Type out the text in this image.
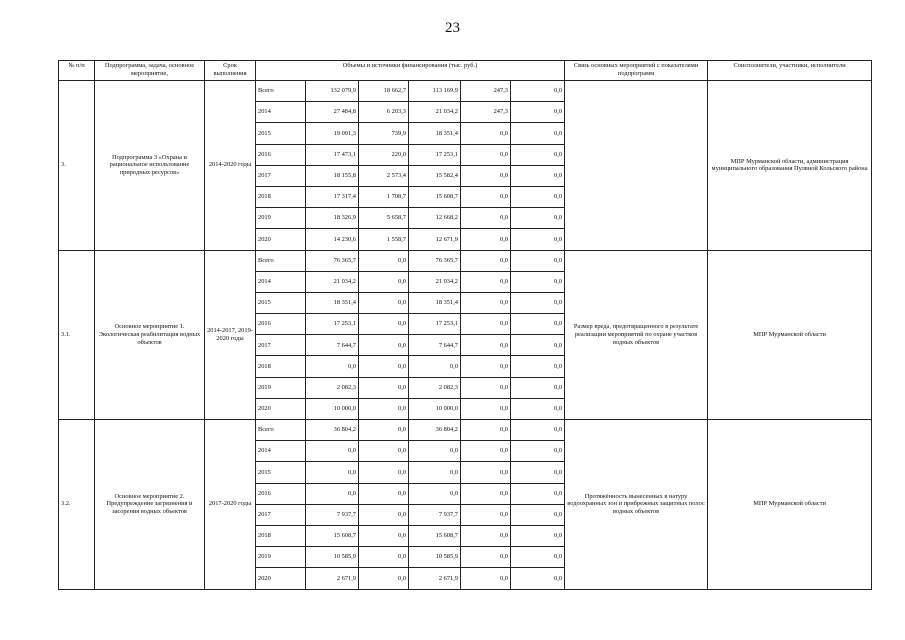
23
№ п/п	Подпрограмма, задача, основное мероприятие,	Срок выполнения	Объемы и источники финансирования (тыс. руб.)						Связь основных мероприятий с показателями подпрограмм	Соисполнители, участники, исполнители
3.	Подпрограмма 3 «Охрана и рациональное использование природных ресурсов»	2014-2020 годы	Всего	132 079,9	18 662,7	113 169,9	247,3	0,0		МПР Мурманской области, администрация муниципального образования Пулвной Кольского района
			2014	27 484,8	6 203,3	21 034,2	247,3	0,0		
			2015	19 091,3	739,9	18 351,4	0,0	0,0		
			2016	17 473,1	220,0	17 253,1	0,0	0,0		
			2017	18 155,8	2 573,4	15 582,4	0,0	0,0		
			2018	17 317,4	1 708,7	15 608,7	0,0	0,0		
			2019	18 326,9	5 658,7	12 668,2	0,0	0,0		
			2020	14 230,6	1 558,7	12 671,9	0,0	0,0		
3.1.	Основное мероприятие 1. Экологическая реабилитация водных объектов	2014-2017, 2019-2020 годы	Всего	76 365,7	0,0	76 365,7	0,0	0,0	Размер вреда, предотвращенного в результате реализации мероприятий по охране участков водных объектов	МПР Мурманской области
			2014	21 034,2	0,0	21 034,2	0,0	0,0		
			2015	18 351,4	0,0	18 351,4	0,0	0,0		
			2016	17 253,1	0,0	17 253,1	0,0	0,0		
			2017	7 644,7	0,0	7 644,7	0,0	0,0		
			2018	0,0	0,0	0,0	0,0	0,0		
			2019	2 082,3	0,0	2 082,3	0,0	0,0		
			2020	10 000,0	0,0	10 000,0	0,0	0,0		
3.2.	Основное мероприятие 2. Предупреждение загрязнения и засорения водных объектов	2017-2020 годы	Всего	36 804,2	0,0	36 804,2	0,0	0,0	Протяжённость вынесенных в натуру водоохранных зон и прибрежных защитных полос водных объектов	МПР Мурманской области
			2014	0,0	0,0	0,0	0,0	0,0		
			2015	0,0	0,0	0,0	0,0	0,0		
			2016	0,0	0,0	0,0	0,0	0,0		
			2017	7 937,7	0,0	7 937,7	0,0	0,0		
			2018	15 608,7	0,0	15 608,7	0,0	0,0		
			2019	10 585,9	0,0	10 585,9	0,0	0,0		
			2020	2 671,9	0,0	2 671,9	0,0	0,0		
